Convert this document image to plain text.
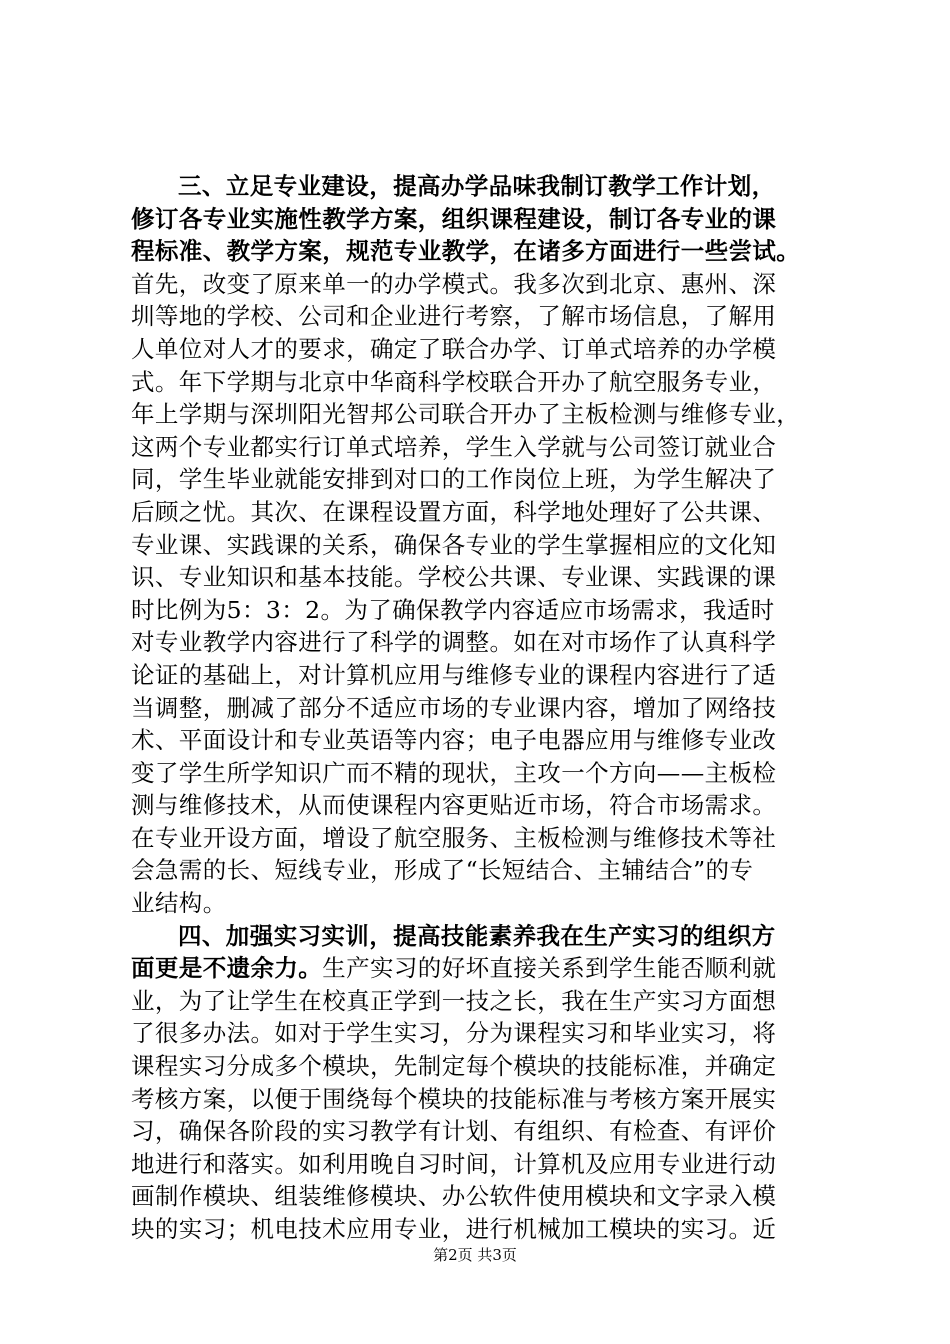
三、立足专业建设，提高办学品味我制订教学工作计划，
修订各专业实施性教学方案，组织课程建设，制订各专业的课
程标准、教学方案，规范专业教学，在诸多方面进行一些尝试。
首先，改变了原来单一的办学模式。我多次到北京、惠州、深
圳等地的学校、公司和企业进行考察，了解市场信息，了解用
人单位对人才的要求，确定了联合办学、订单式培养的办学模
式。年下学期与北京中华商科学校联合开办了航空服务专业，
年上学期与深圳阳光智邦公司联合开办了主板检测与维修专业，
这两个专业都实行订单式培养，学生入学就与公司签订就业合
同，学生毕业就能安排到对口的工作岗位上班，为学生解决了
后顾之忧。其次、在课程设置方面，科学地处理好了公共课、
专业课、实践课的关系，确保各专业的学生掌握相应的文化知
识、专业知识和基本技能。学校公共课、专业课、实践课的课
时比例为5：3：2。为了确保教学内容适应市场需求，我适时
对专业教学内容进行了科学的调整。如在对市场作了认真科学
论证的基础上，对计算机应用与维修专业的课程内容进行了适
当调整，删减了部分不适应市场的专业课内容，增加了网络技
术、平面设计和专业英语等内容；电子电器应用与维修专业改
变了学生所学知识广而不精的现状，主攻一个方向——主板检
测与维修技术，从而使课程内容更贴近市场，符合市场需求。
在专业开设方面，增设了航空服务、主板检测与维修技术等社
会急需的长、短线专业，形成了“长短结合、主辅结合”的专
业结构。
四、加强实习实训，提高技能素养我在生产实习的组织方
面更是不遗余力。生产实习的好坏直接关系到学生能否顺利就
业，为了让学生在校真正学到一技之长，我在生产实习方面想
了很多办法。如对于学生实习，分为课程实习和毕业实习，将
课程实习分成多个模块，先制定每个模块的技能标准，并确定
考核方案，以便于围绕每个模块的技能标准与考核方案开展实
习，确保各阶段的实习教学有计划、有组织、有检查、有评价
地进行和落实。如利用晚自习时间，计算机及应用专业进行动
画制作模块、组装维修模块、办公软件使用模块和文字录入模
块的实习；机电技术应用专业，进行机械加工模块的实习。近
第2页 共3页
